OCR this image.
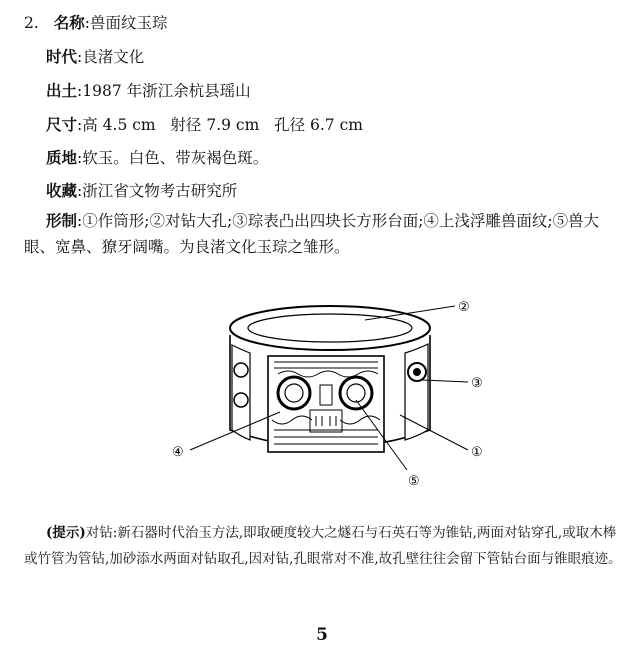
2. 名称:兽面纹玉琮
时代:良渚文化
出土:1987 年浙江余杭县瑶山
尺寸:高 4.5 cm   射径 7.9 cm   孔径 6.7 cm
质地:软玉。白色、带灰褐色斑。
收藏:浙江省文物考古研究所
形制:①作筒形;②对钻大孔;③琮表凸出四块长方形台面;④上浅浮雕兽面纹;⑤兽大眼、宽鼻、獠牙阔嘴。为良渚文化玉琮之雏形。
②
③
①
④
⑤
(提示)对钻:新石器时代治玉方法,即取硬度较大之燧石与石英石等为锥钻,两面对钻穿孔,或取木棒或竹管为管钻,加砂添水两面对钻取孔,因对钻,孔眼常对不准,故孔壁往往会留下管钻台面与锥眼痕迹。
5
